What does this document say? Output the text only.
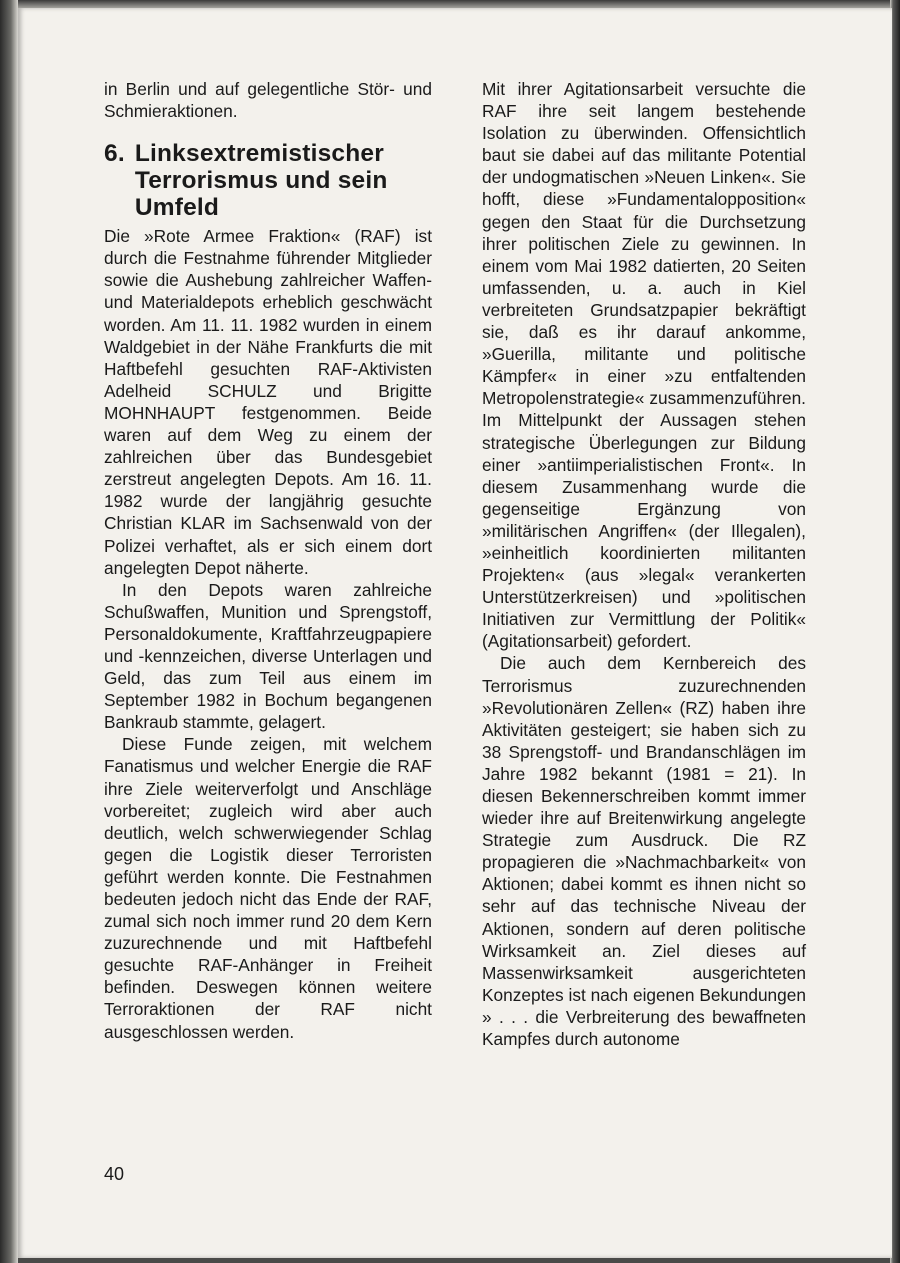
in Berlin und auf gelegentliche Stör- und Schmieraktionen.

6. Linksextremistischer Terrorismus und sein Umfeld

Die »Rote Armee Fraktion« (RAF) ist durch die Festnahme führender Mitglieder sowie die Aushebung zahlreicher Waffen- und Materialdepots erheblich geschwächt worden. Am 11. 11. 1982 wurden in einem Waldgebiet in der Nähe Frankfurts die mit Haftbefehl gesuchten RAF-Aktivisten Adelheid SCHULZ und Brigitte MOHNHAUPT festgenommen. Beide waren auf dem Weg zu einem der zahlreichen über das Bundesgebiet zerstreut angelegten Depots. Am 16. 11. 1982 wurde der langjährig gesuchte Christian KLAR im Sachsenwald von der Polizei verhaftet, als er sich einem dort angelegten Depot näherte.

In den Depots waren zahlreiche Schußwaffen, Munition und Sprengstoff, Personaldokumente, Kraftfahrzeugpapiere und -kennzeichen, diverse Unterlagen und Geld, das zum Teil aus einem im September 1982 in Bochum begangenen Bankraub stammte, gelagert.

Diese Funde zeigen, mit welchem Fanatismus und welcher Energie die RAF ihre Ziele weiterverfolgt und Anschläge vorbereitet; zugleich wird aber auch deutlich, welch schwerwiegender Schlag gegen die Logistik dieser Terroristen geführt werden konnte. Die Festnahmen bedeuten jedoch nicht das Ende der RAF, zumal sich noch immer rund 20 dem Kern zuzurechnende und mit Haftbefehl gesuchte RAF-Anhänger in Freiheit befinden. Deswegen können weitere Terroraktionen der RAF nicht ausgeschlossen werden.

Mit ihrer Agitationsarbeit versuchte die RAF ihre seit langem bestehende Isolation zu überwinden. Offensichtlich baut sie dabei auf das militante Potential der undogmatischen »Neuen Linken«. Sie hofft, diese »Fundamentalopposition« gegen den Staat für die Durchsetzung ihrer politischen Ziele zu gewinnen. In einem vom Mai 1982 datierten, 20 Seiten umfassenden, u. a. auch in Kiel verbreiteten Grundsatzpapier bekräftigt sie, daß es ihr darauf ankomme, »Guerilla, militante und politische Kämpfer« in einer »zu entfaltenden Metropolenstrategie« zusammenzuführen. Im Mittelpunkt der Aussagen stehen strategische Überlegungen zur Bildung einer »antiimperialistischen Front«. In diesem Zusammenhang wurde die gegenseitige Ergänzung von »militärischen Angriffen« (der Illegalen), »einheitlich koordinierten militanten Projekten« (aus »legal« verankerten Unterstützerkreisen) und »politischen Initiativen zur Vermittlung der Politik« (Agitationsarbeit) gefordert.

Die auch dem Kernbereich des Terrorismus zuzurechnenden »Revolutionären Zellen« (RZ) haben ihre Aktivitäten gesteigert; sie haben sich zu 38 Sprengstoff- und Brandanschlägen im Jahre 1982 bekannt (1981 = 21). In diesen Bekennerschreiben kommt immer wieder ihre auf Breitenwirkung angelegte Strategie zum Ausdruck. Die RZ propagieren die »Nachmachbarkeit« von Aktionen; dabei kommt es ihnen nicht so sehr auf das technische Niveau der Aktionen, sondern auf deren politische Wirksamkeit an. Ziel dieses auf Massenwirksamkeit ausgerichteten Konzeptes ist nach eigenen Bekundungen » . . . die Verbreiterung des bewaffneten Kampfes durch autonome

40
